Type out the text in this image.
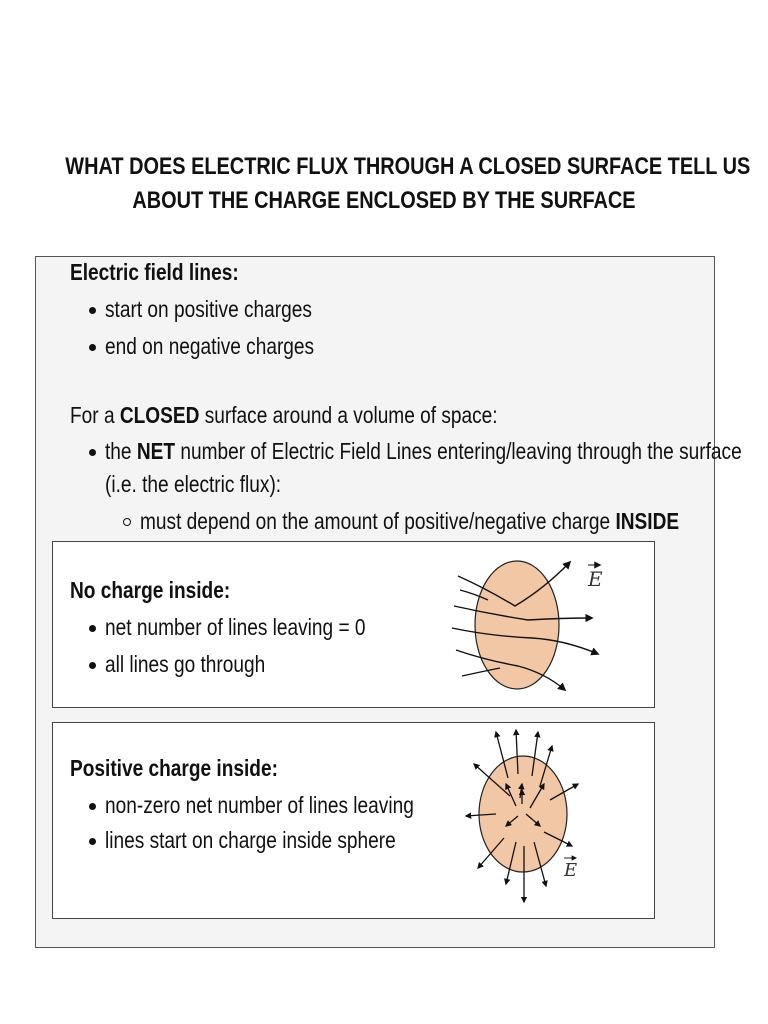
WHAT DOES ELECTRIC FLUX THROUGH A CLOSED SURFACE TELL US
ABOUT THE CHARGE ENCLOSED BY THE SURFACE
Electric field lines:
start on positive charges
end on negative charges
For a CLOSED surface around a volume of space:
the NET number of Electric Field Lines entering/leaving through the surface
(i.e. the electric flux):
must depend on the amount of positive/negative charge INSIDE
No charge inside:
net number of lines leaving = 0
all lines go through
E
Positive charge inside:
non-zero net number of lines leaving
lines start on charge inside sphere
E
